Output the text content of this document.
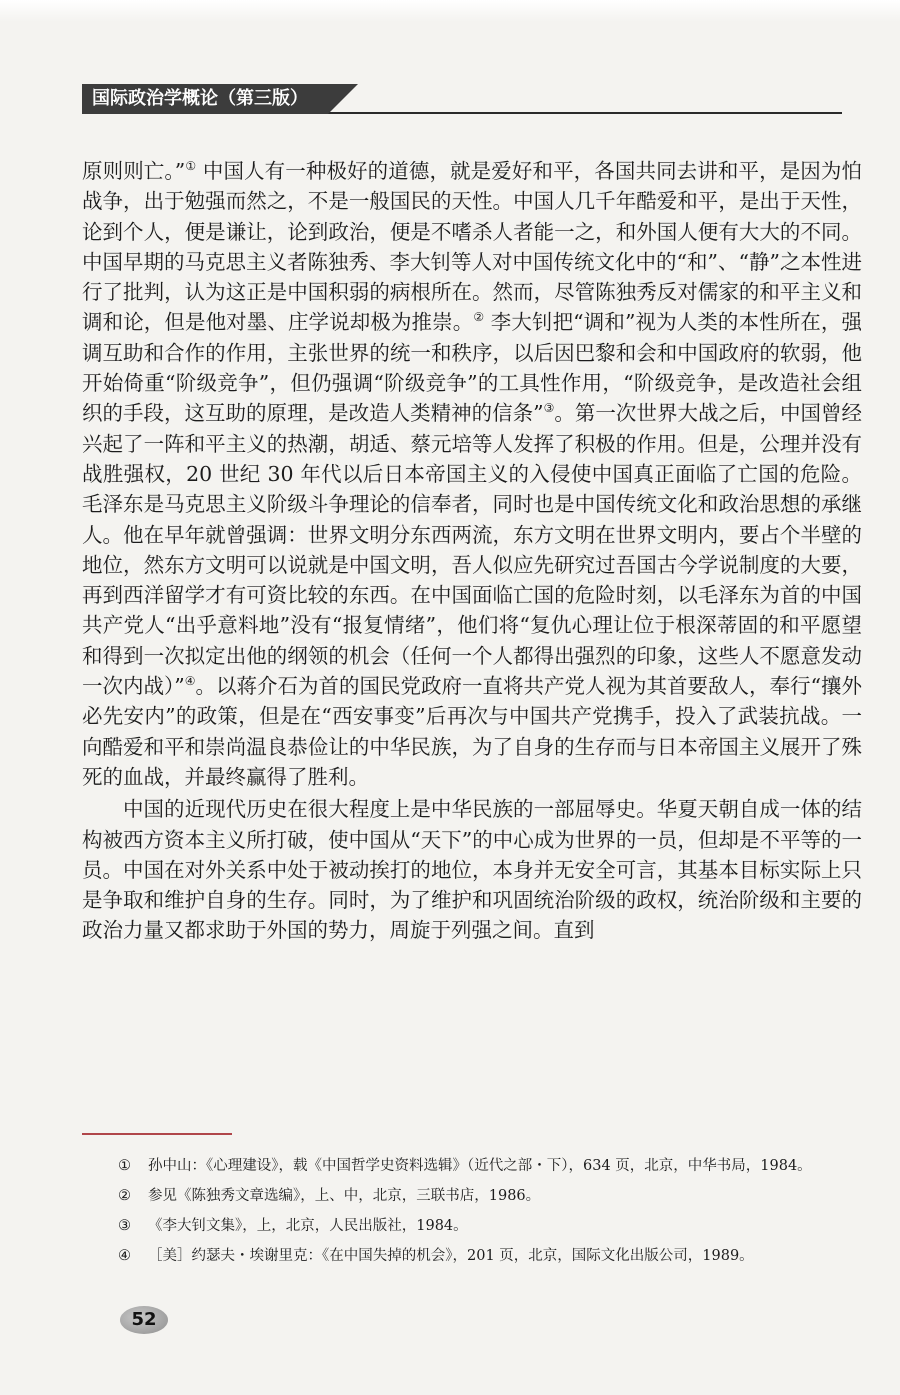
国际政治学概论（第三版）

原则则亡。”① 中国人有一种极好的道德，就是爱好和平，各国共同去讲和平，是因为怕战争，出于勉强而然之，不是一般国民的天性。中国人几千年酷爱和平，是出于天性，论到个人，便是谦让，论到政治，便是不嗜杀人者能一之，和外国人便有大大的不同。中国早期的马克思主义者陈独秀、李大钊等人对中国传统文化中的“和”、“静”之本性进行了批判，认为这正是中国积弱的病根所在。然而，尽管陈独秀反对儒家的和平主义和调和论，但是他对墨、庄学说却极为推崇。② 李大钊把“调和”视为人类的本性所在，强调互助和合作的作用，主张世界的统一和秩序，以后因巴黎和会和中国政府的软弱，他开始倚重“阶级竞争”，但仍强调“阶级竞争”的工具性作用，“阶级竞争，是改造社会组织的手段，这互助的原理，是改造人类精神的信条”③。第一次世界大战之后，中国曾经兴起了一阵和平主义的热潮，胡适、蔡元培等人发挥了积极的作用。但是，公理并没有战胜强权，20 世纪 30 年代以后日本帝国主义的入侵使中国真正面临了亡国的危险。毛泽东是马克思主义阶级斗争理论的信奉者，同时也是中国传统文化和政治思想的承继人。他在早年就曾强调：世界文明分东西两流，东方文明在世界文明内，要占个半壁的地位，然东方文明可以说就是中国文明，吾人似应先研究过吾国古今学说制度的大要，再到西洋留学才有可资比较的东西。在中国面临亡国的危险时刻，以毛泽东为首的中国共产党人“出乎意料地”没有“报复情绪”，他们将“复仇心理让位于根深蒂固的和平愿望和得到一次拟定出他的纲领的机会（任何一个人都得出强烈的印象，这些人不愿意发动一次内战）”④。以蒋介石为首的国民党政府一直将共产党人视为其首要敌人，奉行“攘外必先安内”的政策，但是在“西安事变”后再次与中国共产党携手，投入了武装抗战。一向酷爱和平和崇尚温良恭俭让的中华民族，为了自身的生存而与日本帝国主义展开了殊死的血战，并最终赢得了胜利。

中国的近现代历史在很大程度上是中华民族的一部屈辱史。华夏天朝自成一体的结构被西方资本主义所打破，使中国从“天下”的中心成为世界的一员，但却是不平等的一员。中国在对外关系中处于被动挨打的地位，本身并无安全可言，其基本目标实际上只是争取和维护自身的生存。同时，为了维护和巩固统治阶级的政权，统治阶级和主要的政治力量又都求助于外国的势力，周旋于列强之间。直到

① 孙中山：《心理建设》，载《中国哲学史资料选辑》（近代之部・下），634 页，北京，中华书局，1984。

② 参见《陈独秀文章选编》，上、中，北京，三联书店，1986。

③ 《李大钊文集》，上，北京，人民出版社，1984。

④ ［美］约瑟夫・埃谢里克：《在中国失掉的机会》，201 页，北京，国际文化出版公司，1989。

52
